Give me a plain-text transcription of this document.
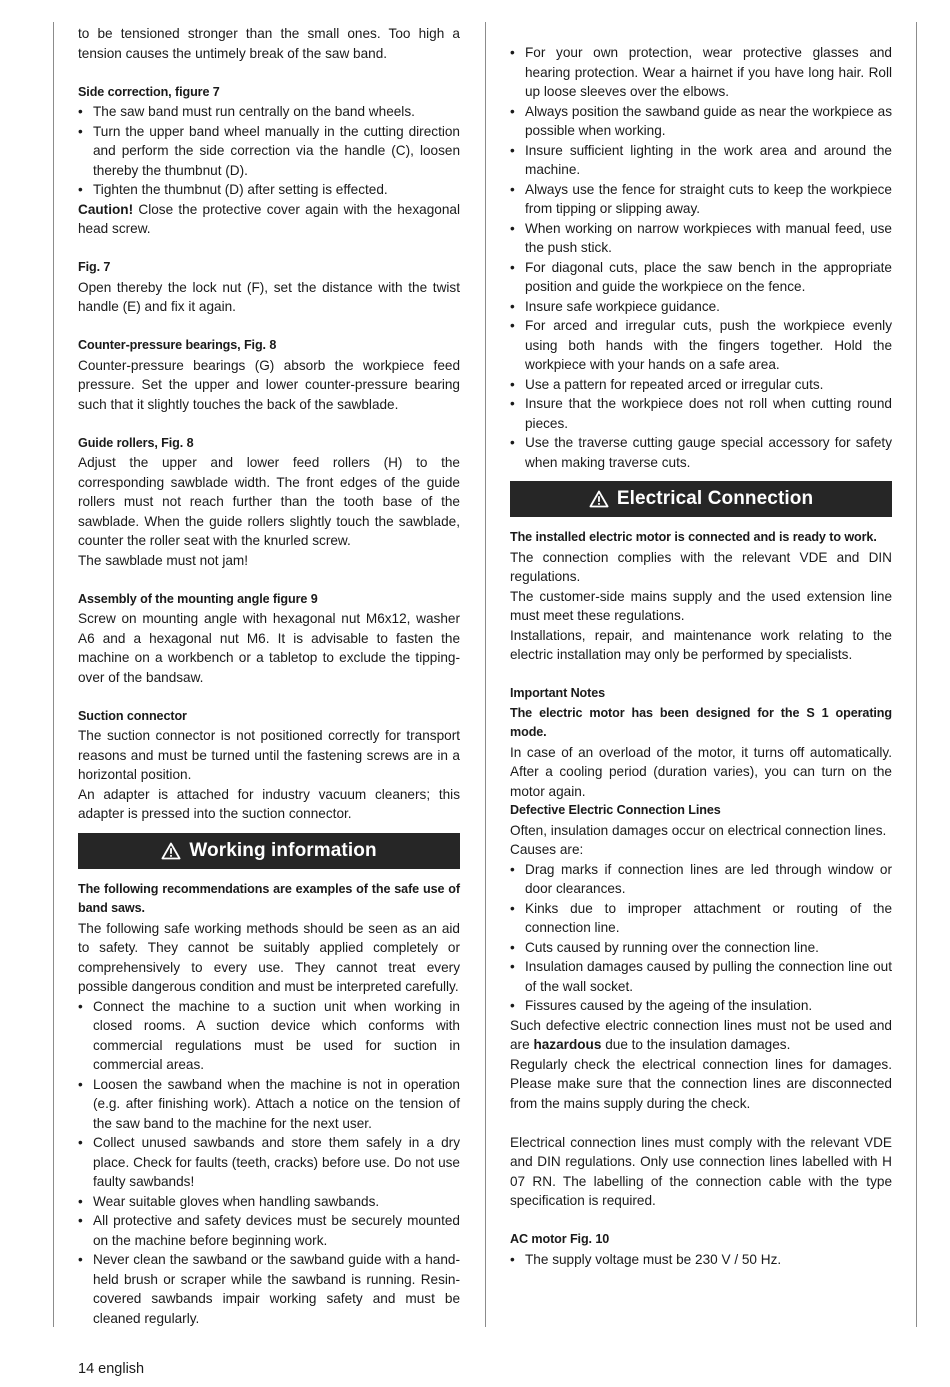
to be tensioned stronger than the small ones. Too high a tension causes the untimely break of the saw band.

Side correction, figure 7

• The saw band must run centrally on the band wheels.
• Turn the upper band wheel manually in the cutting direction and perform the side correction via the handle (C), loosen thereby the thumbnut (D).
• Tighten the thumbnut (D) after setting is effected.

Caution! Close the protective cover again with the hexagonal head screw.

Fig. 7

Open thereby the lock nut (F), set the distance with the twist handle (E) and fix it again.

Counter-pressure bearings, Fig. 8

Counter-pressure bearings (G) absorb the workpiece feed pressure. Set the upper and lower counter-pressure bearing such that it slightly touches the back of the sawblade.

Guide rollers, Fig. 8

Adjust the upper and lower feed rollers (H) to the corresponding sawblade width. The front edges of the guide rollers must not reach further than the tooth base of the sawblade. When the guide rollers slightly touch the sawblade, counter the roller seat with the knurled screw.

The sawblade must not jam!

Assembly of the mounting angle figure 9

Screw on mounting angle with hexagonal nut M6x12, washer A6 and a hexagonal nut M6. It is advisable to fasten the machine on a workbench or a tabletop to exclude the tipping-over of the bandsaw.

Suction connector

The suction connector is not positioned correctly for transport reasons and must be turned until the fastening screws are in a horizontal position.

An adapter is attached for industry vacuum cleaners; this adapter is pressed into the suction connector.

Working information

The following recommendations are examples of the safe use of band saws.

The following safe working methods should be seen as an aid to safety. They cannot be suitably applied completely or comprehensively to every use. They cannot treat every possible dangerous condition and must be interpreted carefully.

• Connect the machine to a suction unit when working in closed rooms. A suction device which conforms with commercial regulations must be used for suction in commercial areas.
• Loosen the sawband when the machine is not in operation (e.g. after finishing work). Attach a notice on the tension of the saw band to the machine for the next user.
• Collect unused sawbands and store them safely in a dry place. Check for faults (teeth, cracks) before use. Do not use faulty sawbands!
• Wear suitable gloves when handling sawbands.
• All protective and safety devices must be securely mounted on the machine before beginning work.
• Never clean the sawband or the sawband guide with a hand-held brush or scraper while the sawband is running. Resin-covered sawbands impair working safety and must be cleaned regularly.
• For your own protection, wear protective glasses and hearing protection. Wear a hairnet if you have long hair. Roll up loose sleeves over the elbows.
• Always position the sawband guide as near the workpiece as possible when working.
• Insure sufficient lighting in the work area and around the machine.
• Always use the fence for straight cuts to keep the workpiece from tipping or slipping away.
• When working on narrow workpieces with manual feed, use the push stick.
• For diagonal cuts, place the saw bench in the appropriate position and guide the workpiece on the fence.
• Insure safe workpiece guidance.
• For arced and irregular cuts, push the workpiece evenly using both hands with the fingers together. Hold the workpiece with your hands on a safe area.
• Use a pattern for repeated arced or irregular cuts.
• Insure that the workpiece does not roll when cutting round pieces.
• Use the traverse cutting gauge special accessory for safety when making traverse cuts.
Electrical Connection

The installed electric motor is connected and is ready to work.

The connection complies with the relevant VDE and DIN regulations.

The customer-side mains supply and the used extension line must meet these regulations.

Installations, repair, and maintenance work relating to the electric installation may only be performed by specialists.

Important Notes

The electric motor has been designed for the S 1 operating mode.

In case of an overload of the motor, it turns off automatically. After a cooling period (duration varies), you can turn on the motor again.

Defective Electric Connection Lines

Often, insulation damages occur on electrical connection lines.

Causes are:

• Drag marks if connection lines are led through window or door clearances.
• Kinks due to improper attachment or routing of the connection line.
• Cuts caused by running over the connection line.
• Insulation damages caused by pulling the connection line out of the wall socket.
• Fissures caused by the ageing of the insulation.

Such defective electric connection lines must not be used and are hazardous due to the insulation damages.

Regularly check the electrical connection lines for damages. Please make sure that the connection lines are disconnected from the mains supply during the check.

Electrical connection lines must comply with the relevant VDE and DIN regulations. Only use connection lines labelled with H 07 RN. The labelling of the connection cable with the type specification is required.

AC motor Fig. 10

• The supply voltage must be 230 V / 50 Hz.
14 english
